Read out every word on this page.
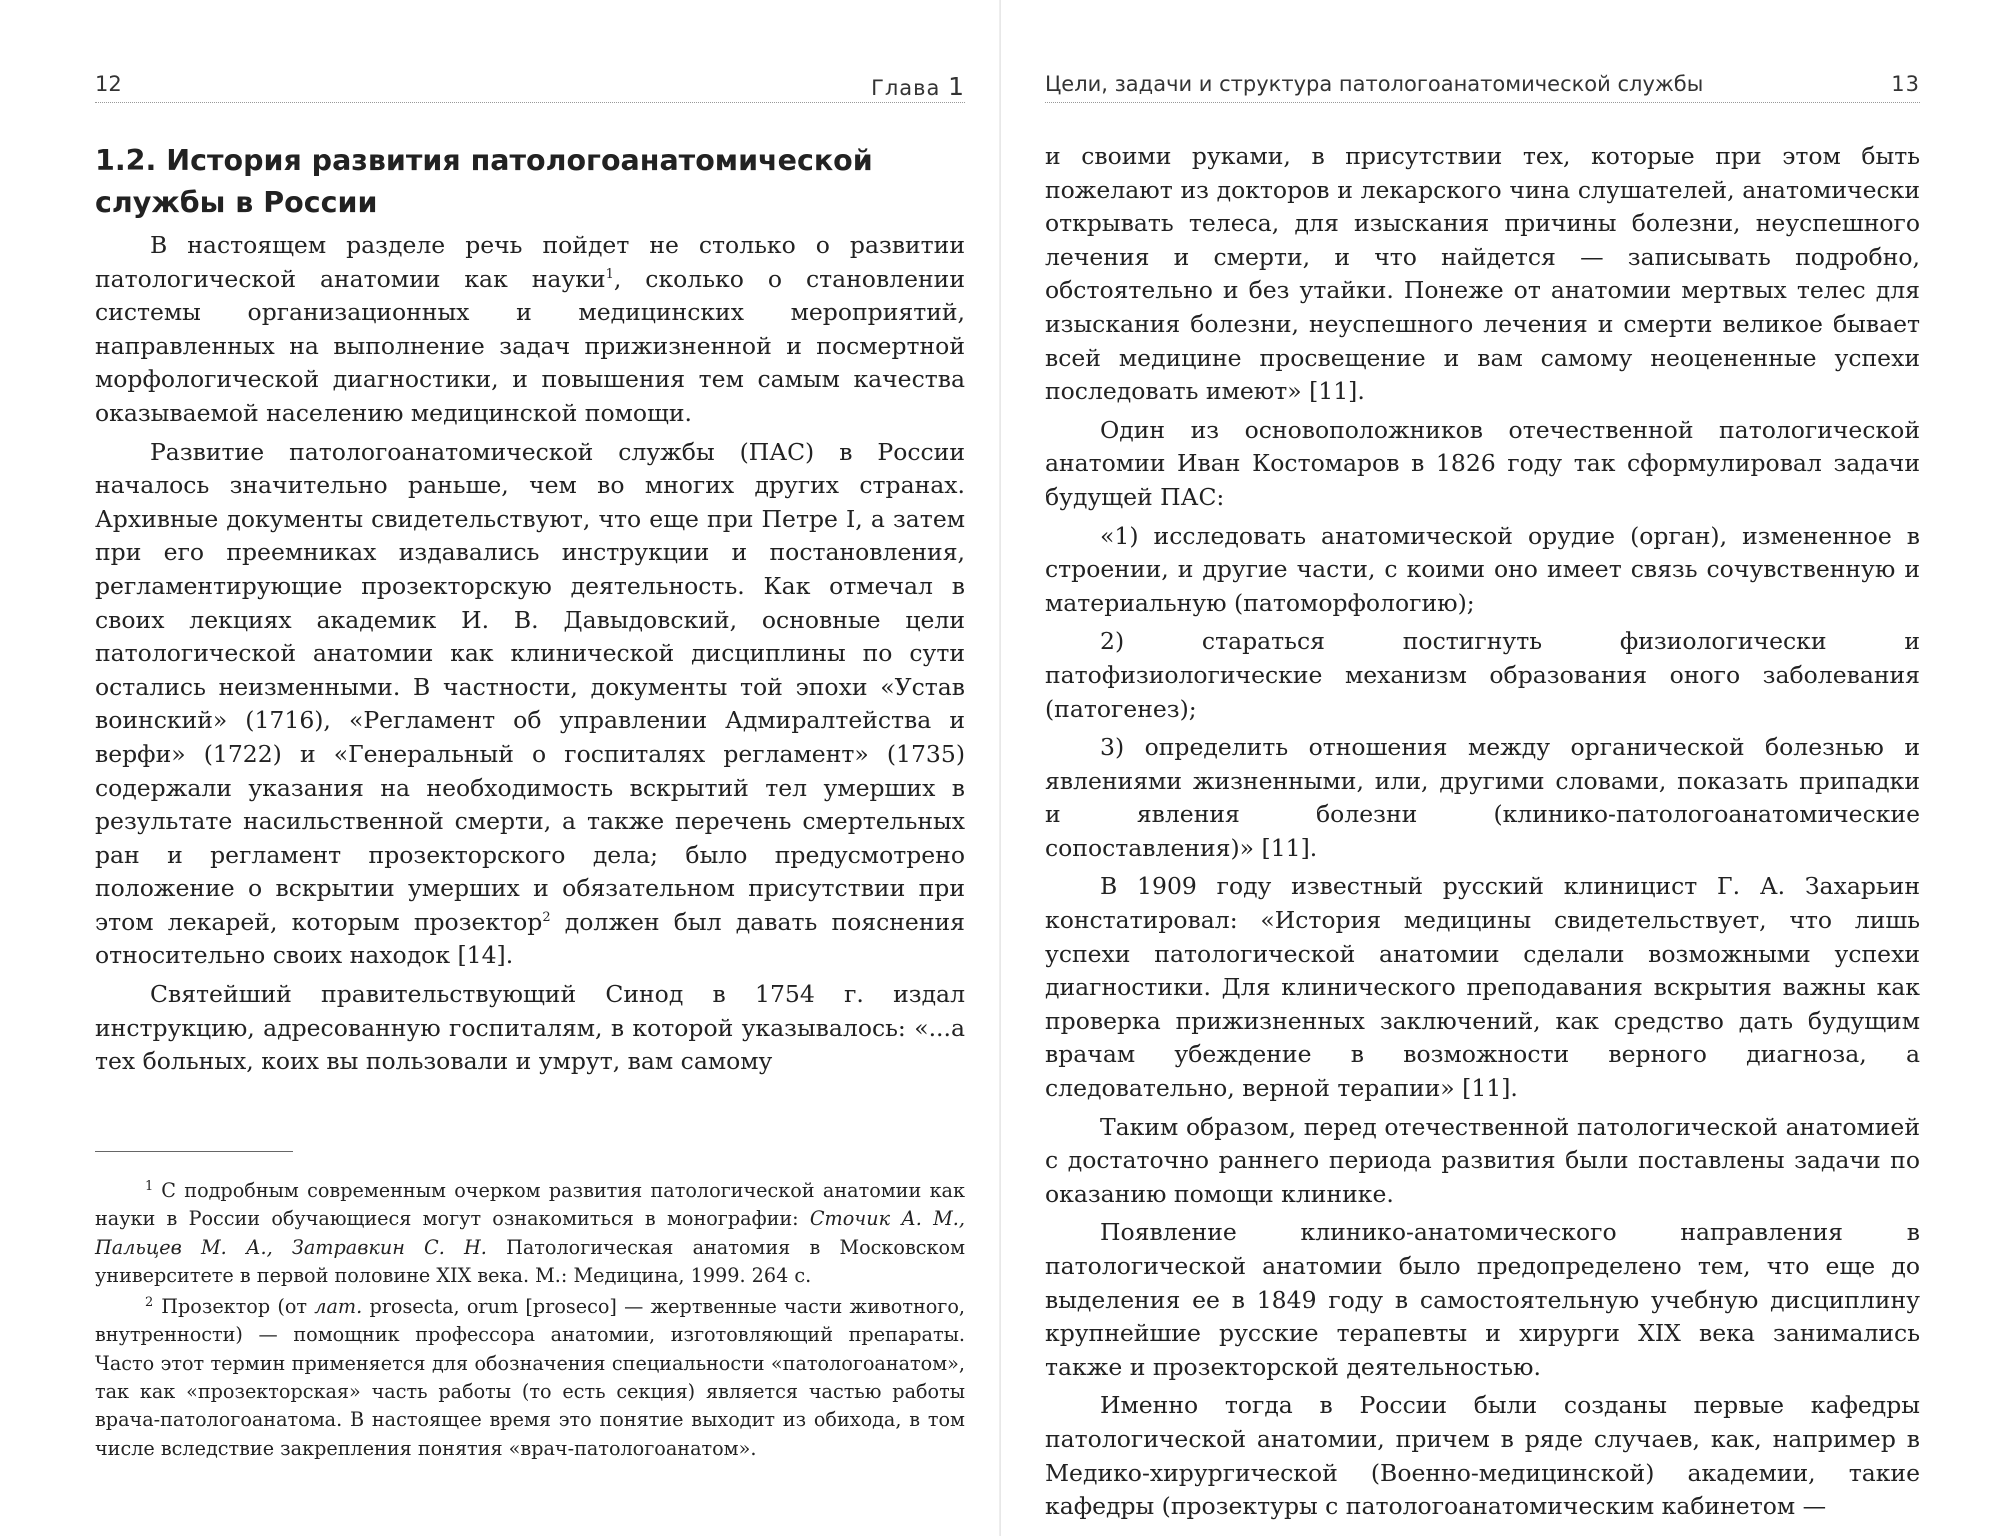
12	Глава 1
1.2. История развития патологоанатомической службы в России

В настоящем разделе речь пойдет не столько о развитии патологической анатомии как науки$^1$, сколько о становлении системы организационных и медицинских мероприятий, направленных на выполнение задач прижизненной и посмертной морфологической диагностики, и повышения тем самым качества оказываемой населению медицинской помощи.

Развитие патологоанатомической службы (ПАС) в России началось значительно раньше, чем во многих других странах. Архивные документы свидетельствуют, что еще при Петре I, а затем при его преемниках издавались инструкции и постановления, регламентирующие прозекторскую деятельность. Как отмечал в своих лекциях академик И. В. Давыдовский, основные цели патологической анатомии как клинической дисциплины по сути остались неизменными. В частности, документы той эпохи «Устав воинский» (1716), «Регламент об управлении Адмиралтейства и верфи» (1722) и «Генеральный о госпиталях регламент» (1735) содержали указания на необходимость вскрытий тел умерших в результате насильственной смерти, а также перечень смертельных ран и регламент прозекторского дела; было предусмотрено положение о вскрытии умерших и обязательном присутствии при этом лекарей, которым прозектор$^2$ должен был давать пояснения относительно своих находок [14].

Святейший правительствующий Синод в 1754 г. издал инструкцию, адресованную госпиталям, в которой указывалось: «...а тех больных, коих вы пользовали и умрут, вам самому

$^1$ С подробным современным очерком развития патологической анатомии как науки в России обучающиеся могут ознакомиться в монографии: Сточик А. М., Пальцев М. А., Затравкин С. Н. Патологическая анатомия в Московском университете в первой половине XIX века. М.: Медицина, 1999. 264 с.

$^2$ Прозектор (от лат. prosecta, orum [proseco] — жертвенные части животного, внутренности) — помощник профессора анатомии, изготовляющий препараты. Часто этот термин применяется для обозначения специальности «патологоанатом», так как «прозекторская» часть работы (то есть секция) является частью работы врача-патологоанатома. В настоящее время это понятие выходит из обихода, в том числе вследствие закрепления понятия «врач-патологоанатом».

Цели, задачи и структура патологоанатомической службы	13

и своими руками, в присутствии тех, которые при этом быть пожелают из докторов и лекарского чина слушателей, анатомически открывать телеса, для изыскания причины болезни, неуспешного лечения и смерти, и что найдется — записывать подробно, обстоятельно и без утайки. Понеже от анатомии мертвых телес для изыскания болезни, неуспешного лечения и смерти великое бывает всей медицине просвещение и вам самому неоцененные успехи последовать имеют» [11].

Один из основоположников отечественной патологической анатомии Иван Костомаров в 1826 году так сформулировал задачи будущей ПАС:

«1) исследовать анатомической орудие (орган), измененное в строении, и другие части, с коими оно имеет связь сочувственную и материальную (патоморфологию);

2) стараться постигнуть физиологически и патофизиологические механизм образования оного заболевания (патогенез);

3) определить отношения между органической болезнью и явлениями жизненными, или, другими словами, показать припадки и явления болезни (клинико-патологоанатомические сопоставления)» [11].

В 1909 году известный русский клиницист Г. А. Захарьин констатировал: «История медицины свидетельствует, что лишь успехи патологической анатомии сделали возможными успехи диагностики. Для клинического преподавания вскрытия важны как проверка прижизненных заключений, как средство дать будущим врачам убеждение в возможности верного диагноза, а следовательно, верной терапии» [11].

Таким образом, перед отечественной патологической анатомией с достаточно раннего периода развития были поставлены задачи по оказанию помощи клинике.

Появление клинико-анатомического направления в патологической анатомии было предопределено тем, что еще до выделения ее в 1849 году в самостоятельную учебную дисциплину крупнейшие русские терапевты и хирурги XIX века занимались также и прозекторской деятельностью.

Именно тогда в России были созданы первые кафедры патологической анатомии, причем в ряде случаев, как, например в Медико-хирургической (Военно-медицинской) академии, такие кафедры (прозектуры с патологоанатомическим кабинетом —
